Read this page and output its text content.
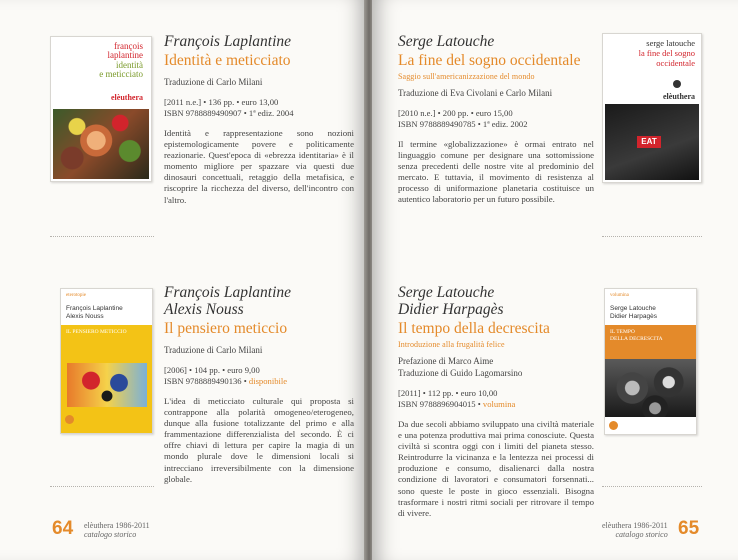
françois
laplantine
identità
e meticciato
elèuthera
François Laplantine
Identità e meticciato
Traduzione di Carlo Milani
[2011 n.e.] • 136 pp. • euro 13,00
ISBN 9788889490907 • 1ª ediz. 2004
Identità e rappresentazione sono nozioni epistemologicamente povere e politicamente reazionarie. Quest'epoca di «ebrezza identitaria» è il momento migliore per spazzare via questi due dinosauri concettuali, retaggio della metafisica, e riscoprire la ricchezza del diverso, dell'incontro con l'altro.
eterotopie
François Laplantine
Alexis Nouss
IL PENSIERO METICCIO
François Laplantine
Alexis Nouss
Il pensiero meticcio
Traduzione di Carlo Milani
[2006] • 104 pp. • euro 9,00
ISBN 9788889490136 • disponibile
L'idea di meticciato culturale qui proposta si contrappone alla polarità omogeneo/eterogeneo, dunque alla fusione totalizzante del primo e alla frammentazione differenzialista del secondo. È ci offre chiavi di lettura per capire la magia di un mondo plurale dove le dimensioni locali si intrecciano irreversibilmente con la dimensione globale.
64 elèuthera 1986-2011
catalogo storico
Serge Latouche
La fine del sogno occidentale
Saggio sull'americanizzazione del mondo
Traduzione di Eva Civolani e Carlo Milani
[2010 n.e.] • 200 pp. • euro 15,00
ISBN 9788889490785 • 1ª ediz. 2002
Il termine «globalizzazione» è ormai entrato nel linguaggio comune per designare una sottomissione senza precedenti delle nostre vite al predominio del mercato. E tuttavia, il movimento di resistenza al processo di uniformazione planetaria costituisce un autentico laboratorio per un futuro possibile.
serge latouche
la fine del sogno
occidentale
elèuthera
EAT
Serge Latouche
Didier Harpagès
Il tempo della decrescita
Introduzione alla frugalità felice
Prefazione di Marco Aime
Traduzione di Guido Lagomarsino
[2011] • 112 pp. • euro 10,00
ISBN 9788896904015 • volumina
Da due secoli abbiamo sviluppato una civiltà materiale e una potenza produttiva mai prima conosciute. Questa civiltà si scontra oggi con i limiti del pianeta stesso. Reintrodurre la vicinanza e la lentezza nei processi di produzione e consumo, disalienarci dalla nostra condizione di lavoratori e consumatori forsennati... sono queste le poste in gioco essenziali. Bisogna trasformare i nostri ritmi sociali per ritrovare il tempo di vivere.
volumina
Serge Latouche
Didier Harpagès
IL TEMPO
DELLA DECRESCITA
elèuthera 1986-2011
catalogo storico 65
